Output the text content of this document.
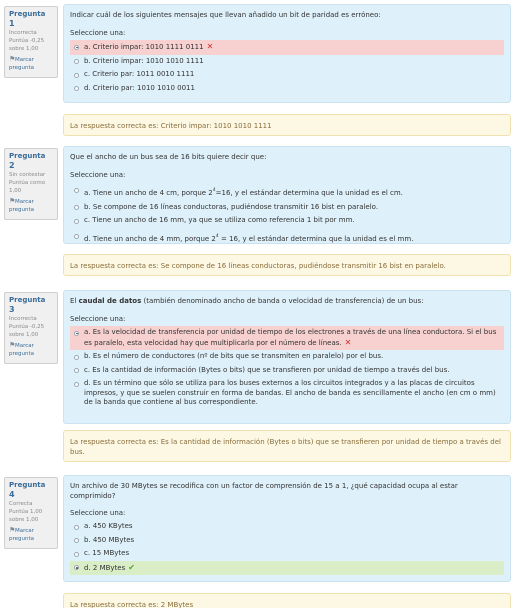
Pregunta 1
Incorrecta
Puntúa -0,25 sobre 1,00
⚑Marcar pregunta
Indicar cuál de los siguientes mensajes que llevan añadido un bit de paridad es erróneo:
Seleccione una:
a. Criterio impar: 1010 1111 0111 ✕
b. Criterio impar: 1010 1010 1111
c. Criterio par: 1011 0010 1111
d. Criterio par: 1010 1010 0011
La respuesta correcta es: Criterio impar: 1010 1010 1111
Pregunta 2
Sin contestar
Puntúa como 1,00
⚑Marcar pregunta
Que el ancho de un bus sea de 16 bits quiere decir que:
Seleccione una:
a. Tiene un ancho de 4 cm, porque $2^4=16$, y el estándar determina que la unidad es el cm.
b. Se compone de 16 líneas conductoras, pudiéndose transmitir 16 bist en paralelo.
c. Tiene un ancho de 16 mm, ya que se utiliza como referencia 1 bit por mm.
d. Tiene un ancho de 4 mm, porque $2^4 = 16$, y el estándar determina que la unidad es el mm.
La respuesta correcta es: Se compone de 16 líneas conductoras, pudiéndose transmitir 16 bist en paralelo.
Pregunta 3
Incorrecta
Puntúa -0,25 sobre 1,00
⚑Marcar pregunta
El caudal de datos (también denominado ancho de banda o velocidad de transferencia) de un bus:
Seleccione una:
a. Es la velocidad de transferencia por unidad de tiempo de los electrones a través de una línea conductora. Si el bus es paralelo, esta velocidad hay que multiplicarla por el número de líneas. ✕
b. Es el número de conductores (nº de bits que se transmiten en paralelo) por el bus.
c. Es la cantidad de información (Bytes o bits) que se transfieren por unidad de tiempo a través del bus.
d. Es un término que sólo se utiliza para los buses externos a los circuitos integrados y a las placas de circuitos impresos, y que se suelen construir en forma de bandas. El ancho de banda es sencillamente el ancho (en cm o mm) de la banda que contiene al bus correspondiente.
La respuesta correcta es: Es la cantidad de información (Bytes o bits) que se transfieren por unidad de tiempo a través del bus.
Pregunta 4
Correcta
Puntúa 1,00 sobre 1,00
⚑Marcar pregunta
Un archivo de 30 MBytes se recodifica con un factor de comprensión de 15 a 1, ¿qué capacidad ocupa al estar comprimido?
Seleccione una:
a. 450 KBytes
b. 450 MBytes
c. 15 MBytes
d. 2 MBytes ✔
La respuesta correcta es: 2 MBytes
